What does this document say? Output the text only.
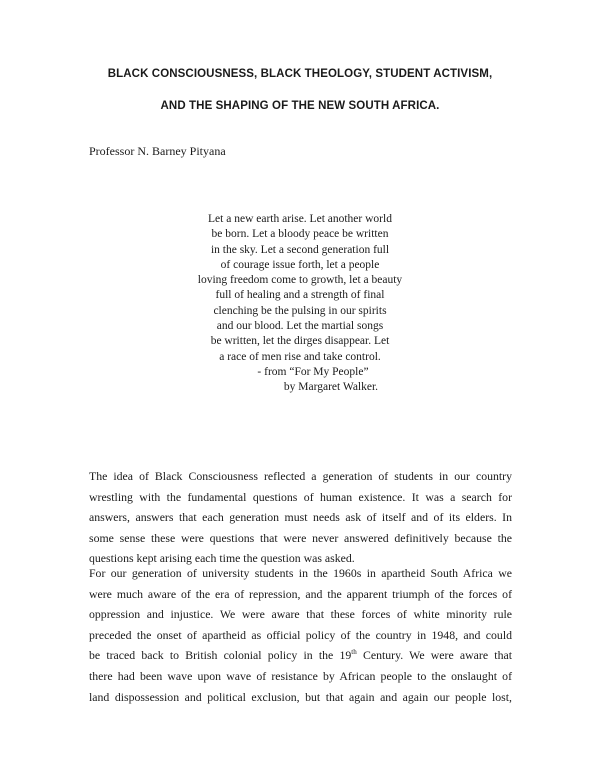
BLACK CONSCIOUSNESS, BLACK THEOLOGY, STUDENT ACTIVISM,
AND THE SHAPING OF THE NEW SOUTH AFRICA.

Professor N. Barney Pityana

Let a new earth arise. Let another world
be born. Let a bloody peace be written
in the sky. Let a second generation full
of courage issue forth, let a people
loving freedom come to growth, let a beauty
full of healing and a strength of final
clenching be the pulsing in our spirits
and our blood. Let the martial songs
be written, let the dirges disappear. Let
a race of men rise and take control.
- from “For My People”
by Margaret Walker.

The idea of Black Consciousness reflected a generation of students in our country
wrestling with the fundamental questions of human existence. It was a search for
answers, answers that each generation must needs ask of itself and of its elders. In
some sense these were questions that were never answered definitively because the
questions kept arising each time the question was asked.

For our generation of university students in the 1960s in apartheid South Africa we
were much aware of the era of repression, and the apparent triumph of the forces of
oppression and injustice. We were aware that these forces of white minority rule
preceded the onset of apartheid as official policy of the country in 1948, and could
be traced back to British colonial policy in the 19th Century. We were aware that
there had been wave upon wave of resistance by African people to the onslaught of
land dispossession and political exclusion, but that again and again our people lost,
